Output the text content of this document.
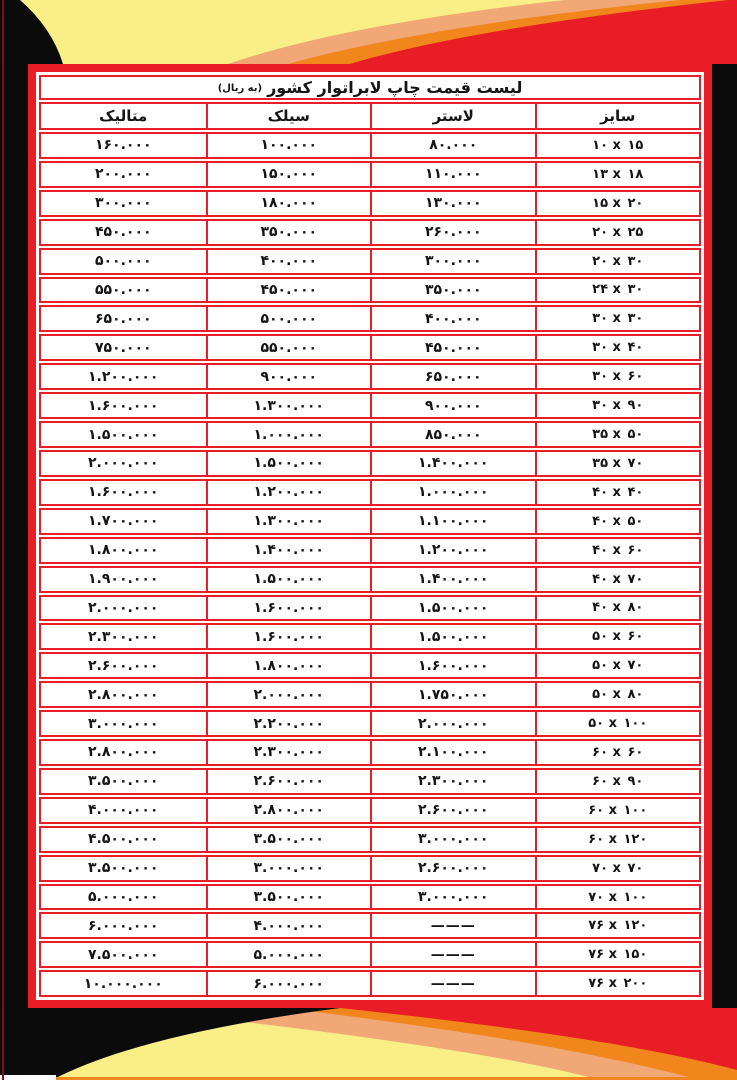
لیست قیمت چاپ لابراتوار کشور
(به ریال)
متالیک	سیلک	لاستر	سایز
۱۶۰.۰۰۰	۱۰۰.۰۰۰	۸۰.۰۰۰	۱۰ x ۱۵
۲۰۰.۰۰۰	۱۵۰.۰۰۰	۱۱۰.۰۰۰	۱۳ x ۱۸
۳۰۰.۰۰۰	۱۸۰.۰۰۰	۱۳۰.۰۰۰	۱۵ x ۲۰
۴۵۰.۰۰۰	۳۵۰.۰۰۰	۲۶۰.۰۰۰	۲۰ x ۲۵
۵۰۰.۰۰۰	۴۰۰.۰۰۰	۳۰۰.۰۰۰	۲۰ x ۳۰
۵۵۰.۰۰۰	۴۵۰.۰۰۰	۳۵۰.۰۰۰	۲۴ x ۳۰
۶۵۰.۰۰۰	۵۰۰.۰۰۰	۴۰۰.۰۰۰	۳۰ x ۳۰
۷۵۰.۰۰۰	۵۵۰.۰۰۰	۴۵۰.۰۰۰	۳۰ x ۴۰
۱.۲۰۰.۰۰۰	۹۰۰.۰۰۰	۶۵۰.۰۰۰	۳۰ x ۶۰
۱.۶۰۰.۰۰۰	۱.۳۰۰.۰۰۰	۹۰۰.۰۰۰	۳۰ x ۹۰
۱.۵۰۰.۰۰۰	۱.۰۰۰.۰۰۰	۸۵۰.۰۰۰	۳۵ x ۵۰
۲.۰۰۰.۰۰۰	۱.۵۰۰.۰۰۰	۱.۴۰۰.۰۰۰	۳۵ x ۷۰
۱.۶۰۰.۰۰۰	۱.۲۰۰.۰۰۰	۱.۰۰۰.۰۰۰	۴۰ x ۴۰
۱.۷۰۰.۰۰۰	۱.۳۰۰.۰۰۰	۱.۱۰۰.۰۰۰	۴۰ x ۵۰
۱.۸۰۰.۰۰۰	۱.۴۰۰.۰۰۰	۱.۲۰۰.۰۰۰	۴۰ x ۶۰
۱.۹۰۰.۰۰۰	۱.۵۰۰.۰۰۰	۱.۴۰۰.۰۰۰	۴۰ x ۷۰
۲.۰۰۰.۰۰۰	۱.۶۰۰.۰۰۰	۱.۵۰۰.۰۰۰	۴۰ x ۸۰
۲.۳۰۰.۰۰۰	۱.۶۰۰.۰۰۰	۱.۵۰۰.۰۰۰	۵۰ x ۶۰
۲.۶۰۰.۰۰۰	۱.۸۰۰.۰۰۰	۱.۶۰۰.۰۰۰	۵۰ x ۷۰
۲.۸۰۰.۰۰۰	۲.۰۰۰.۰۰۰	۱.۷۵۰.۰۰۰	۵۰ x ۸۰
۳.۰۰۰.۰۰۰	۲.۲۰۰.۰۰۰	۲.۰۰۰.۰۰۰	۵۰ x ۱۰۰
۲.۸۰۰.۰۰۰	۲.۳۰۰.۰۰۰	۲.۱۰۰.۰۰۰	۶۰ x ۶۰
۳.۵۰۰.۰۰۰	۲.۶۰۰.۰۰۰	۲.۳۰۰.۰۰۰	۶۰ x ۹۰
۴.۰۰۰.۰۰۰	۲.۸۰۰.۰۰۰	۲.۶۰۰.۰۰۰	۶۰ x ۱۰۰
۴.۵۰۰.۰۰۰	۳.۵۰۰.۰۰۰	۳.۰۰۰.۰۰۰	۶۰ x ۱۲۰
۳.۵۰۰.۰۰۰	۳.۰۰۰.۰۰۰	۲.۶۰۰.۰۰۰	۷۰ x ۷۰
۵.۰۰۰.۰۰۰	۳.۵۰۰.۰۰۰	۳.۰۰۰.۰۰۰	۷۰ x ۱۰۰
۶.۰۰۰.۰۰۰	۴.۰۰۰.۰۰۰	———	۷۶ x ۱۲۰
۷.۵۰۰.۰۰۰	۵.۰۰۰.۰۰۰	———	۷۶ x ۱۵۰
۱۰.۰۰۰.۰۰۰	۶.۰۰۰.۰۰۰	———	۷۶ x ۲۰۰
